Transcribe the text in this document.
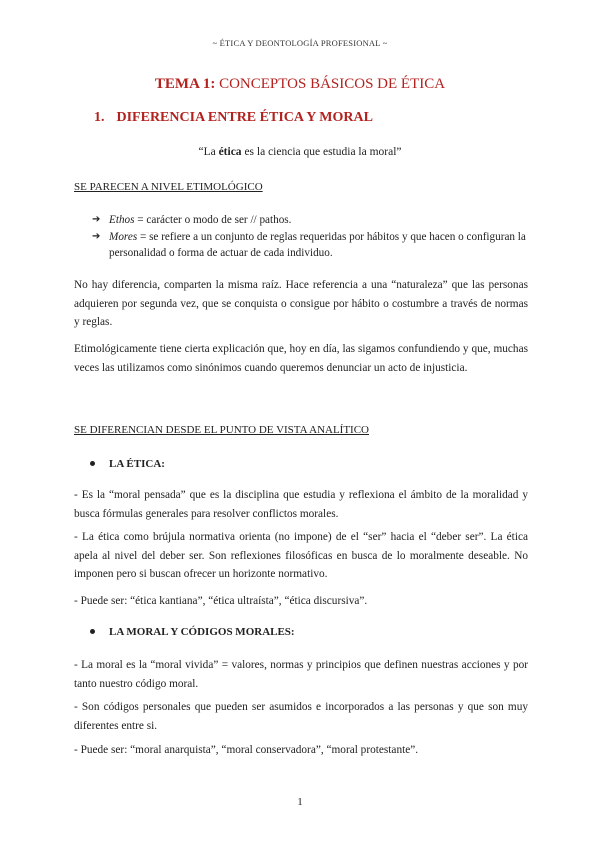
~ ÉTICA Y DEONTOLOGÍA PROFESIONAL ~
TEMA 1: CONCEPTOS BÁSICOS DE ÉTICA
1. DIFERENCIA ENTRE ÉTICA Y MORAL
“La ética es la ciencia que estudia la moral”
SE PARECEN A NIVEL ETIMOLÓGICO
➔ Ethos = carácter o modo de ser // pathos.
➔ Mores = se refiere a un conjunto de reglas requeridas por hábitos y que hacen o configuran la personalidad o forma de actuar de cada individuo.
No hay diferencia, comparten la misma raíz. Hace referencia a una “naturaleza” que las personas adquieren por segunda vez, que se conquista o consigue por hábito o costumbre a través de normas y reglas.
Etimológicamente tiene cierta explicación que, hoy en día, las sigamos confundiendo y que, muchas veces las utilizamos como sinónimos cuando queremos denunciar un acto de injusticia.
SE DIFERENCIAN DESDE EL PUNTO DE VISTA ANALÍTICO
LA ÉTICA:
- Es la “moral pensada” que es la disciplina que estudia y reflexiona el ámbito de la moralidad y busca fórmulas generales para resolver conflictos morales.
- La ética como brújula normativa orienta (no impone) de el “ser” hacia el “deber ser”. La ética apela al nivel del deber ser. Son reflexiones filosóficas en busca de lo moralmente deseable. No imponen pero si buscan ofrecer un horizonte normativo.
- Puede ser: “ética kantiana”, “ética ultraísta”, “ética discursiva”.
LA MORAL Y CÓDIGOS MORALES:
- La moral es la “moral vivida” = valores, normas y principios que definen nuestras acciones y por tanto nuestro código moral.
- Son códigos personales que pueden ser asumidos e incorporados a las personas y que son muy diferentes entre si.
- Puede ser: “moral anarquista”, “moral conservadora”, “moral protestante”.
1
